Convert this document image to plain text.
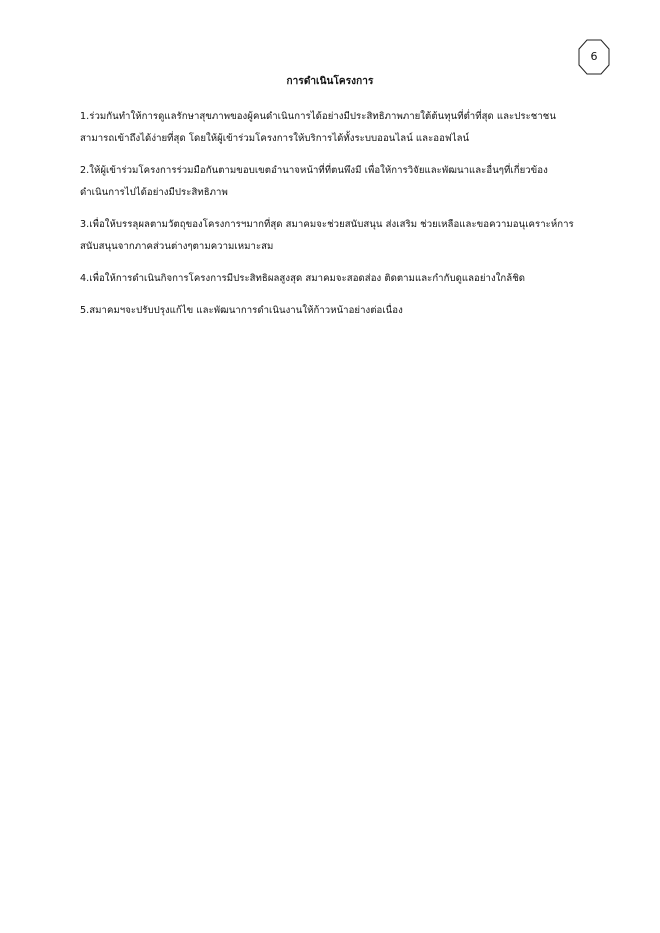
6
การดำเนินโครงการ
1.ร่วมกันทำให้การดูแลรักษาสุขภาพของผู้คนดำเนินการได้อย่างมีประสิทธิภาพภายใต้ต้นทุนที่ต่ำที่สุด และประชาชน
สามารถเข้าถึงได้ง่ายที่สุด โดยให้ผู้เข้าร่วมโครงการให้บริการได้ทั้งระบบออนไลน์ และออฟไลน์
2.ให้ผู้เข้าร่วมโครงการร่วมมือกันตามขอบเขตอำนาจหน้าที่ที่ตนพึงมี เพื่อให้การวิจัยและพัฒนาและอื่นๆที่เกี่ยวข้อง
ดำเนินการไปได้อย่างมีประสิทธิภาพ
3.เพื่อให้บรรลุผลตามวัตถุของโครงการฯมากที่สุด สมาคมจะช่วยสนับสนุน ส่งเสริม ช่วยเหลือและขอความอนุเคราะห์การ
สนับสนุนจากภาคส่วนต่างๆตามความเหมาะสม
4.เพื่อให้การดำเนินกิจการโครงการมีประสิทธิผลสูงสุด สมาคมจะสอดส่อง ติดตามและกำกับดูแลอย่างใกล้ชิด
5.สมาคมฯจะปรับปรุงแก้ไข และพัฒนาการดำเนินงานให้ก้าวหน้าอย่างต่อเนื่อง
